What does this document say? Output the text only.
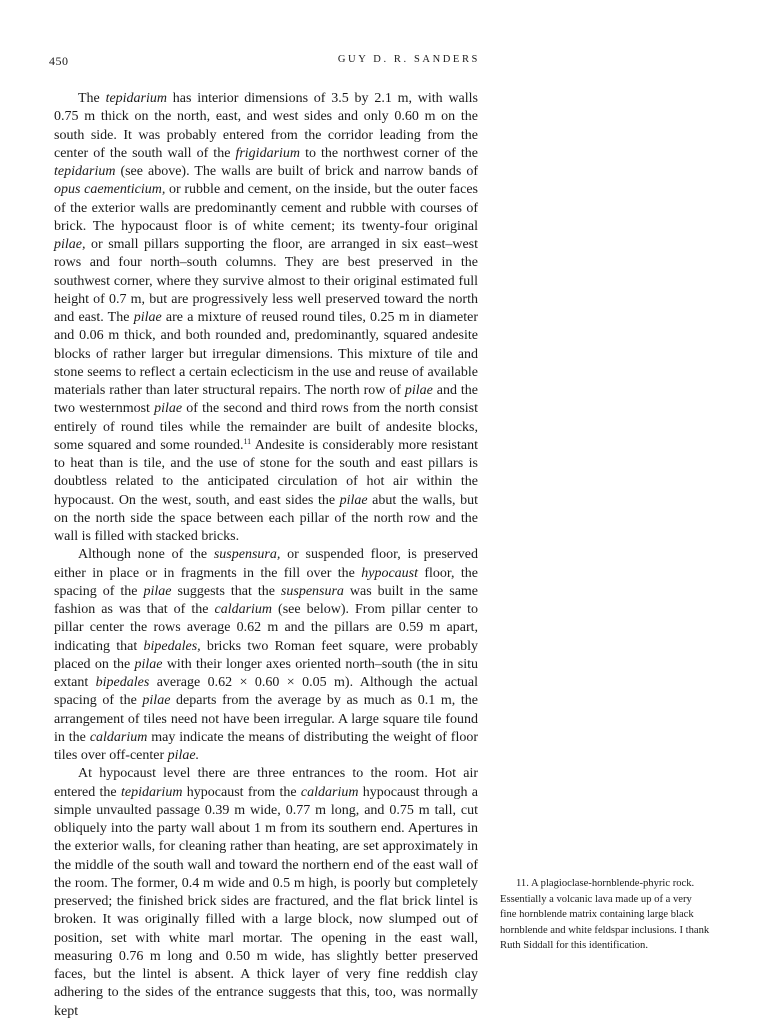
450	GUY D. R. SANDERS

The tepidarium has interior dimensions of 3.5 by 2.1 m, with walls 0.75 m thick on the north, east, and west sides and only 0.60 m on the south side. It was probably entered from the corridor leading from the center of the south wall of the frigidarium to the northwest corner of the tepidarium (see above). The walls are built of brick and narrow bands of opus caementicium, or rubble and cement, on the inside, but the outer faces of the exterior walls are predominantly cement and rubble with courses of brick. The hypocaust floor is of white cement; its twenty-four original pilae, or small pillars supporting the floor, are arranged in six east–west rows and four north–south columns. They are best preserved in the southwest corner, where they survive almost to their original estimated full height of 0.7 m, but are progressively less well preserved toward the north and east. The pilae are a mixture of reused round tiles, 0.25 m in diameter and 0.06 m thick, and both rounded and, predominantly, squared andesite blocks of rather larger but irregular dimensions. This mixture of tile and stone seems to reflect a certain eclecticism in the use and reuse of available materials rather than later structural repairs. The north row of pilae and the two westernmost pilae of the second and third rows from the north consist entirely of round tiles while the remainder are built of andesite blocks, some squared and some rounded.$^{11}$ Andesite is considerably more resistant to heat than is tile, and the use of stone for the south and east pillars is doubtless related to the anticipated circulation of hot air within the hypocaust. On the west, south, and east sides the pilae abut the walls, but on the north side the space between each pillar of the north row and the wall is filled with stacked bricks.

Although none of the suspensura, or suspended floor, is preserved either in place or in fragments in the fill over the hypocaust floor, the spacing of the pilae suggests that the suspensura was built in the same fashion as was that of the caldarium (see below). From pillar center to pillar center the rows average 0.62 m and the pillars are 0.59 m apart, indicating that bipedales, bricks two Roman feet square, were probably placed on the pilae with their longer axes oriented north–south (the in situ extant bipedales average 0.62 × 0.60 × 0.05 m). Although the actual spacing of the pilae departs from the average by as much as 0.1 m, the arrangement of tiles need not have been irregular. A large square tile found in the caldarium may indicate the means of distributing the weight of floor tiles over off-center pilae.

At hypocaust level there are three entrances to the room. Hot air entered the tepidarium hypocaust from the caldarium hypocaust through a simple unvaulted passage 0.39 m wide, 0.77 m long, and 0.75 m tall, cut obliquely into the party wall about 1 m from its southern end. Apertures in the exterior walls, for cleaning rather than heating, are set approximately in the middle of the south wall and toward the northern end of the east wall of the room. The former, 0.4 m wide and 0.5 m high, is poorly but completely preserved; the finished brick sides are fractured, and the flat brick lintel is broken. It was originally filled with a large block, now slumped out of position, set with white marl mortar. The opening in the east wall, measuring 0.76 m long and 0.50 m wide, has slightly better preserved faces, but the lintel is absent. A thick layer of very fine reddish clay adhering to the sides of the entrance suggests that this, too, was normally kept

11. A plagioclase-hornblende-phyric rock. Essentially a volcanic lava made up of a very fine hornblende matrix containing large black hornblende and white feldspar inclusions. I thank Ruth Siddall for this identification.
